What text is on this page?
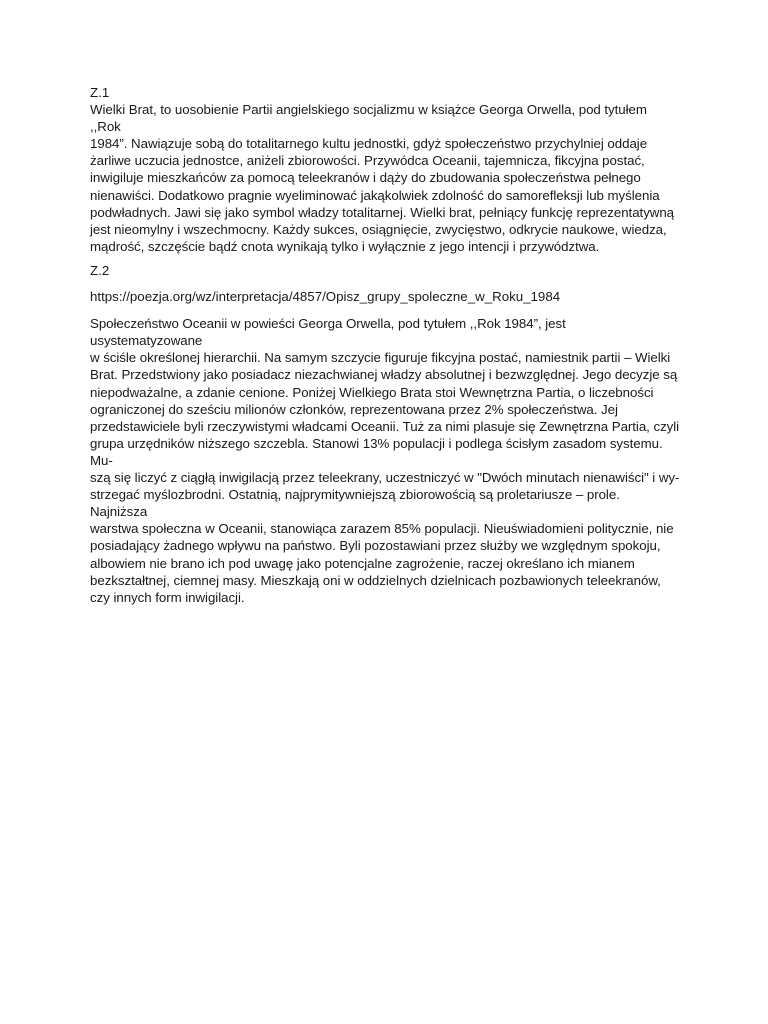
Z.1

Wielki Brat, to uosobienie Partii angielskiego socjalizmu w książce Georga Orwella, pod tytułem ,,Rok

1984”. Nawiązuje sobą do totalitarnego kultu jednostki, gdyż społeczeństwo przychylniej oddaje

żarliwe uczucia jednostce, aniżeli zbiorowości. Przywódca Oceanii, tajemnicza, fikcyjna postać,

inwigiluje mieszkańców za pomocą teleekranów i dąży do zbudowania społeczeństwa pełnego

nienawiści. Dodatkowo pragnie wyeliminować jakąkolwiek zdolność do samorefleksji lub myślenia

podwładnych. Jawi się jako symbol władzy totalitarnej. Wielki brat, pełniący funkcję reprezentatywną

jest nieomylny i wszechmocny. Każdy sukces, osiągnięcie, zwycięstwo, odkrycie naukowe, wiedza,

mądrość, szczęście bądź cnota wynikają tylko i wyłącznie z jego intencji i przywództwa.

Z.2

https://poezja.org/wz/interpretacja/4857/Opisz_grupy_spoleczne_w_Roku_1984

Społeczeństwo Oceanii w powieści Georga Orwella, pod tytułem ,,Rok 1984”, jest usystematyzowane

w ściśle określonej hierarchii. Na samym szczycie figuruje fikcyjna postać, namiestnik partii – Wielki

Brat. Przedstwiony jako posiadacz niezachwianej władzy absolutnej i bezwzględnej. Jego decyzje są

niepodważalne, a zdanie cenione. Poniżej Wielkiego Brata stoi Wewnętrzna Partia, o liczebności

ograniczonej do sześciu milionów członków, reprezentowana przez 2% społeczeństwa. Jej

przedstawiciele byli rzeczywistymi władcami Oceanii. Tuż za nimi plasuje się Zewnętrzna Partia, czyli

grupa urzędników niższego szczebla. Stanowi 13% populacji i podlega ścisłym zasadom systemu. Mu-

szą się liczyć z ciągłą inwigilacją przez teleekrany, uczestniczyć w "Dwóch minutach nienawiści" i wy-

strzegać myślozbrodni. Ostatnią, najprymitywniejszą zbiorowością są proletariusze – prole. Najniższa

warstwa społeczna w Oceanii, stanowiąca zarazem 85% populacji. Nieuświadomieni politycznie, nie

posiadający żadnego wpływu na państwo. Byli pozostawiani przez służby we względnym spokoju,

albowiem nie brano ich pod uwagę jako potencjalne zagrożenie, raczej określano ich mianem

bezkształtnej, ciemnej masy. Mieszkają oni w oddzielnych dzielnicach pozbawionych teleekranów,

czy innych form inwigilacji.
